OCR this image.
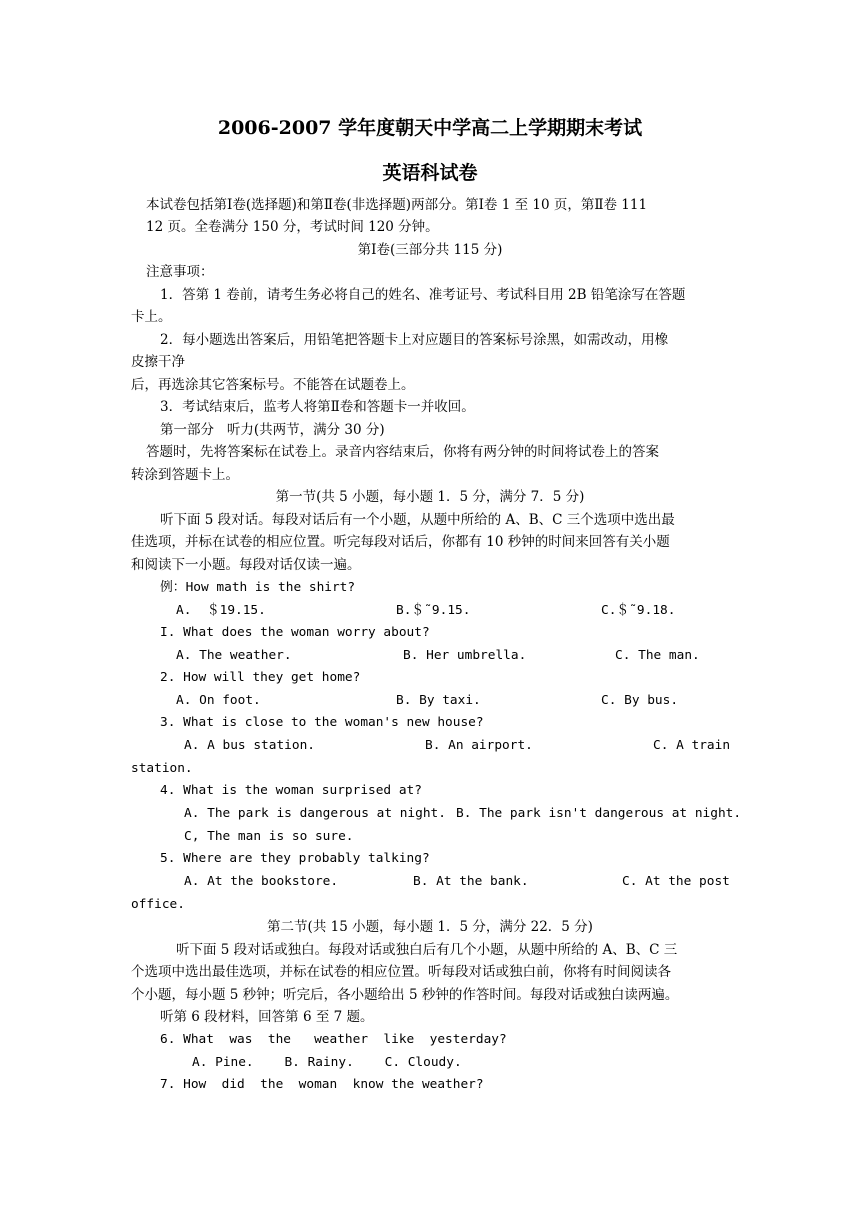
2006-2007 学年度朝天中学高二上学期期末考试
英语科试卷
本试卷包括第Ⅰ卷(选择题)和第Ⅱ卷(非选择题)两部分。第Ⅰ卷 1 至 10 页，第Ⅱ卷 111
12 页。全卷满分 150 分，考试时间 120 分钟。
第Ⅰ卷(三部分共 115 分)
注意事项：
1．答第 1 卷前，请考生务必将自己的姓名、准考证号、考试科目用 2B 铅笔涂写在答题
卡上。
2．每小题选出答案后，用铅笔把答题卡上对应题目的答案标号涂黑，如需改动，用橡
皮擦干净
后，再选涂其它答案标号。不能答在试题卷上。
3．考试结束后，监考人将第Ⅱ卷和答题卡一并收回。
第一部分   听力(共两节，满分 30 分)
答题时，先将答案标在试卷上。录音内容结束后，你将有两分钟的时间将试卷上的答案
转涂到答题卡上。
第一节(共 5 小题，每小题 1．5 分，满分 7．5 分)
听下面 5 段对话。每段对话后有一个小题，从题中所给的 A、B、C 三个选项中选出最
佳选项，并标在试卷的相应位置。听完每段对话后，你都有 10 秒钟的时间来回答有关小题
和阅读下一小题。每段对话仅读一遍。
例：How math is the shirt?
A.  ＄19.15.	B.＄˜9.15.	C.＄˜9.18.
I. What does the woman worry about?
A. The weather.	B. Her umbrella.	C. The man.
2. How will they get home?
A. On foot.	B. By taxi.	C. By bus.
3. What is close to the woman's new house?
A. A bus station.	B. An airport.	C. A train
station.
4. What is the woman surprised at?
A. The park is dangerous at night. B. The park isn't dangerous at night.
C, The man is so sure.
5. Where are they probably talking?
A. At the bookstore.	B. At the bank.	C. At the post
office.
第二节(共 15 小题，每小题 1．5 分，满分 22．5 分)
听下面 5 段对话或独白。每段对话或独白后有几个小题，从题中所给的 A、B、C 三
个选项中选出最佳选项，并标在试卷的相应位置。听每段对话或独白前，你将有时间阅读各
个小题，每小题 5 秒钟；听完后，各小题给出 5 秒钟的作答时间。每段对话或独白读两遍。
听第 6 段材料，回答第 6 至 7 题。
6. What  was  the   weather  like  yesterday?
A. Pine.    B. Rainy.    C. Cloudy.
7. How  did  the  woman  know the weather?
